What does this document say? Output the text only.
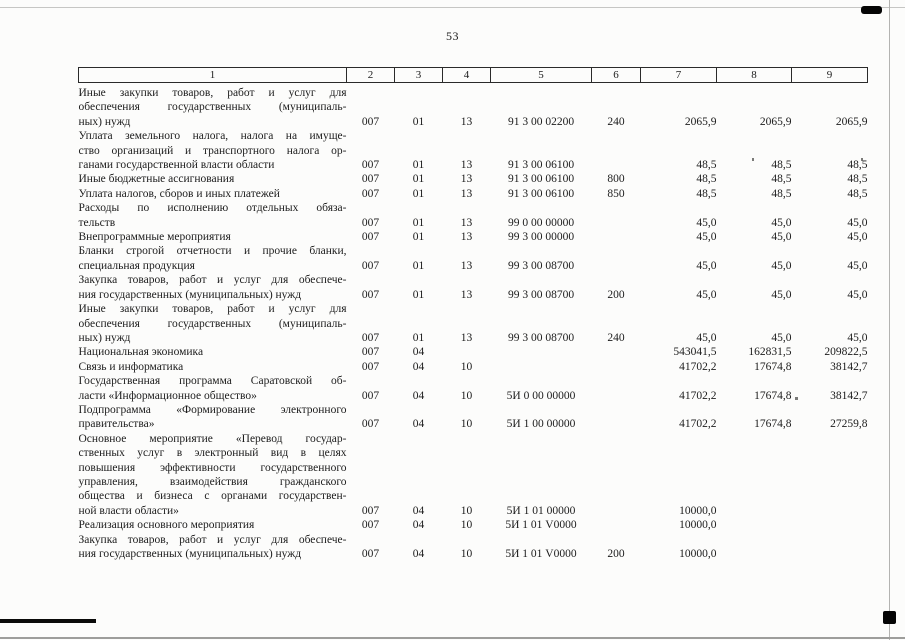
53
1	2	3	4	5	6	7	8	9

Иные закупки товаров, работ и услуг для
обеспечения государственных (муниципаль-
ных) нужд	007	01	13	91 3 00 02200	240	2065,9	2065,9	2065,9

Уплата земельного налога, налога на имуще-
ство организаций и транспортного налога ор-
ганами государственной власти области	007	01	13	91 3 00 06100		48,5	48,5	48,5

Иные бюджетные ассигнования	007	01	13	91 3 00 06100	800	48,5	48,5	48,5

Уплата налогов, сборов и иных платежей	007	01	13	91 3 00 06100	850	48,5	48,5	48,5

Расходы по исполнению отдельных обяза-
тельств	007	01	13	99 0 00 00000		45,0	45,0	45,0

Внепрограммные мероприятия	007	01	13	99 3 00 00000		45,0	45,0	45,0

Бланки строгой отчетности и прочие бланки,
специальная продукция	007	01	13	99 3 00 08700		45,0	45,0	45,0

Закупка товаров, работ и услуг для обеспече-
ния государственных (муниципальных) нужд	007	01	13	99 3 00 08700	200	45,0	45,0	45,0

Иные закупки товаров, работ и услуг для
обеспечения государственных (муниципаль-
ных) нужд	007	01	13	99 3 00 08700	240	45,0	45,0	45,0

Национальная экономика	007	04				543041,5	162831,5	209822,5

Связь и информатика	007	04	10			41702,2	17674,8	38142,7

Государственная программа Саратовской об-
ласти «Информационное общество»	007	04	10	5И 0 00 00000		41702,2	17674,8	38142,7

Подпрограмма «Формирование электронного
правительства»	007	04	10	5И 1 00 00000		41702,2	17674,8	27259,8

Основное мероприятие «Перевод государ-
ственных услуг в электронный вид в целях
повышения эффективности государственного
управления, взаимодействия гражданского
общества и бизнеса с органами государствен-
ной власти области»	007	04	10	5И 1 01 00000		10000,0		

Реализация основного мероприятия	007	04	10	5И 1 01 V0000		10000,0		

Закупка товаров, работ и услуг для обеспече-
ния государственных (муниципальных) нужд	007	04	10	5И 1 01 V0000	200	10000,0		
